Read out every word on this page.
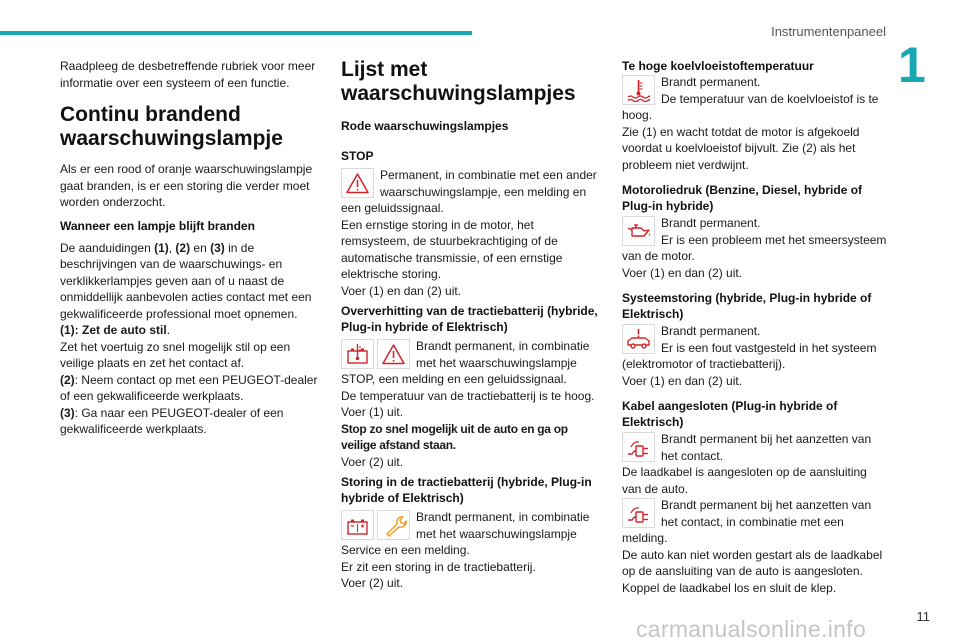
Instrumentenpaneel
1

Raadpleeg de desbetreffende rubriek voor meer informatie over een systeem of een functie.

Continu brandend waarschuwingslampje

Als er een rood of oranje waarschuwingslampje gaat branden, is er een storing die verder moet worden onderzocht.

Wanneer een lampje blijft branden

De aanduidingen (1), (2) en (3) in de beschrijvingen van de waarschuwings- en verklikkerlampjes geven aan of u naast de onmiddellijk aanbevolen acties contact met een gekwalificeerde professional moet opnemen.

(1): Zet de auto stil.
Zet het voertuig zo snel mogelijk stil op een veilige plaats en zet het contact af.

(2): Neem contact op met een PEUGEOT-dealer of een gekwalificeerde werkplaats.

(3): Ga naar een PEUGEOT-dealer of een gekwalificeerde werkplaats.

Lijst met waarschuwingslampjes
Rode waarschuwingslampjes
STOP
Permanent, in combinatie met een ander waarschuwingslampje, een melding en een geluidssignaal.
Een ernstige storing in de motor, het remsysteem, de stuurbekrachtiging of de automatische transmissie, of een ernstige elektrische storing.
Voer (1) en dan (2) uit.
Oververhitting van de tractiebatterij (hybride, Plug-in hybride of Elektrisch)
Brandt permanent, in combinatie met het waarschuwingslampje STOP, een melding en een geluidssignaal.
De temperatuur van de tractiebatterij is te hoog.
Voer (1) uit.
Stop zo snel mogelijk uit de auto en ga op veilige afstand staan.
Voer (2) uit.
Storing in de tractiebatterij (hybride, Plug-in hybride of Elektrisch)
Brandt permanent, in combinatie met het waarschuwingslampje Service en een melding.
Er zit een storing in de tractiebatterij.
Voer (2) uit.
Te hoge koelvloeistoftemperatuur
Brandt permanent.
De temperatuur van de koelvloeistof is te hoog.
Zie (1) en wacht totdat de motor is afgekoeld voordat u koelvloeistof bijvult. Zie (2) als het probleem niet verdwijnt.
Motoroliedruk (Benzine, Diesel, hybride of Plug-in hybride)
Brandt permanent.
Er is een probleem met het smeersysteem van de motor.
Voer (1) en dan (2) uit.
Systeemstoring (hybride, Plug-in hybride of Elektrisch)
Brandt permanent.
Er is een fout vastgesteld in het systeem (elektromotor of tractiebatterij).
Voer (1) en dan (2) uit.
Kabel aangesloten (Plug-in hybride of Elektrisch)
Brandt permanent bij het aanzetten van het contact.
De laadkabel is aangesloten op de aansluiting van de auto.
Brandt permanent bij het aanzetten van het contact, in combinatie met een melding.
De auto kan niet worden gestart als de laadkabel op de aansluiting van de auto is aangesloten.
Koppel de laadkabel los en sluit de klep.
11
carmanualsonline.info
